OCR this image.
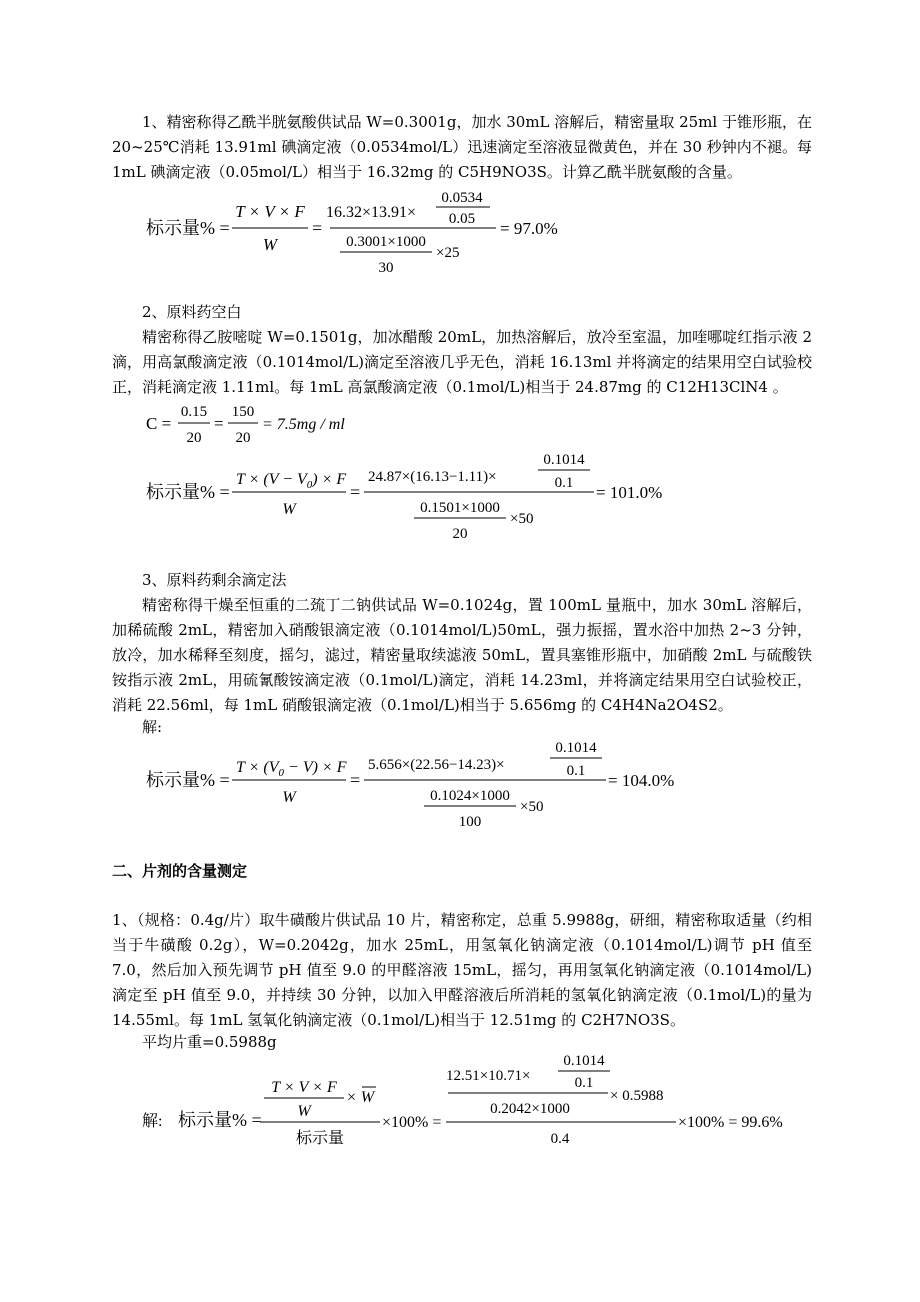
1、精密称得乙酰半胱氨酸供试品 W=0.3001g，加水 30mL 溶解后，精密量取 25ml 于锥形瓶，在 20~25℃消耗 13.91ml 碘滴定液（0.0534mol/L）迅速滴定至溶液显微黄色，并在 30 秒钟内不褪。每 1mL 碘滴定液（0.05mol/L）相当于 16.32mg 的 C5H9NO3S。计算乙酰半胱氨酸的含量。

标示量% =
T × V × F
W
=
16.32×13.91×
0.0534
0.05
0.3001×1000
30
×25
= 97.0%

2、原料药空白

精密称得乙胺嘧啶 W=0.1501g，加冰醋酸 20mL，加热溶解后，放冷至室温，加喹哪啶红指示液 2 滴，用高氯酸滴定液（0.1014mol/L)滴定至溶液几乎无色，消耗 16.13ml 并将滴定的结果用空白试验校正，消耗滴定液 1.11ml。每 1mL 高氯酸滴定液（0.1mol/L)相当于 24.87mg 的 C12H13ClN4 。

C =
0.15
20
=
150
20
= 7.5mg / ml
标示量% =
$T \times (V - V_0) \times F$
W
=
24.87×(16.13−1.11)×
0.1014
0.1
0.1501×1000
20
×50
= 101.0%

3、原料药剩余滴定法

精密称得干燥至恒重的二巯丁二钠供试品 W=0.1024g，置 100mL 量瓶中，加水 30mL 溶解后，加稀硫酸 2mL，精密加入硝酸银滴定液（0.1014mol/L)50mL，强力振摇，置水浴中加热 2~3 分钟，放冷，加水稀释至刻度，摇匀，滤过，精密量取续滤液 50mL，置具塞锥形瓶中，加硝酸 2mL 与硫酸铁铵指示液 2mL，用硫氰酸铵滴定液（0.1mol/L)滴定，消耗 14.23ml，并将滴定结果用空白试验校正，消耗 22.56ml，每 1mL 硝酸银滴定液（0.1mol/L)相当于 5.656mg 的 C4H4Na2O4S2。

解:

标示量% =
$T \times (V_0 - V) \times F$
W
=
5.656×(22.56−14.23)×
0.1014
0.1
0.1024×1000
100
×50
= 104.0%

二、片剂的含量测定

1、（规格：0.4g/片）取牛磺酸片供试品 10 片，精密称定，总重 5.9988g，研细，精密称取适量（约相当于牛磺酸 0.2g），W=0.2042g，加水 25mL，用氢氧化钠滴定液（0.1014mol/L)调节 pH 值至 7.0，然后加入预先调节 pH 值至 9.0 的甲醛溶液 15mL，摇匀，再用氢氧化钠滴定液（0.1014mol/L)滴定至 pH 值至 9.0，并持续 30 分钟，以加入甲醛溶液后所消耗的氢氧化钠滴定液（0.1mol/L)的量为 14.55ml。每 1mL 氢氧化钠滴定液（0.1mol/L)相当于 12.51mg 的 C2H7NO3S。

平均片重=0.5988g

解: 标示量% =
T × V × F
W
× W
标示量
×100% =
12.51×10.71×
0.1014
0.1
× 0.5988
0.2042×1000
0.4
×100% = 99.6%
